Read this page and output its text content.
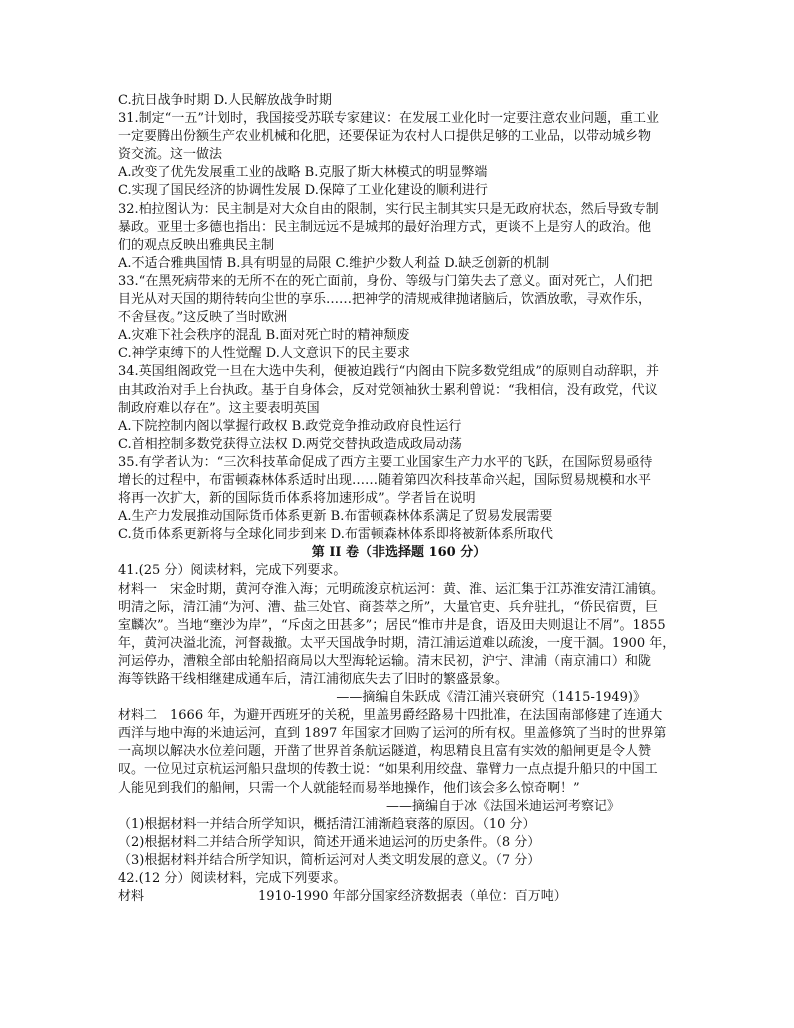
C.抗日战争时期 D.人民解放战争时期
31.制定“一五”计划时，我国接受苏联专家建议：在发展工业化时一定要注意农业问题，重工业
一定要腾出份额生产农业机械和化肥，还要保证为农村人口提供足够的工业品，以带动城乡物
资交流。这一做法
A.改变了优先发展重工业的战略 B.克服了斯大林模式的明显弊端
C.实现了国民经济的协调性发展 D.保障了工业化建设的顺利进行
32.柏拉图认为：民主制是对大众自由的限制，实行民主制其实只是无政府状态，然后导致专制
暴政。亚里士多德也指出：民主制远远不是城邦的最好治理方式，更谈不上是穷人的政治。他
们的观点反映出雅典民主制
A.不适合雅典国情 B.具有明显的局限 C.维护少数人利益 D.缺乏创新的机制
33.“在黑死病带来的无所不在的死亡面前，身份、等级与门第失去了意义。面对死亡，人们把
目光从对天国的期待转向尘世的享乐……把神学的清规戒律抛诸脑后，饮酒放歌，寻欢作乐，
不舍昼夜。”这反映了当时欧洲
A.灾难下社会秩序的混乱 B.面对死亡时的精神颓废
C.神学束缚下的人性觉醒 D.人文意识下的民主要求
34.英国组阁政党一旦在大选中失利，便被迫践行“内阁由下院多数党组成”的原则自动辞职，并
由其政治对手上台执政。基于自身体会，反对党领袖狄士累利曾说：“我相信，没有政党，代议
制政府难以存在”。这主要表明英国
A.下院控制内阁以掌握行政权 B.政党竞争推动政府良性运行
C.首相控制多数党获得立法权 D.两党交替执政造成政局动荡
35.有学者认为：“三次科技革命促成了西方主要工业国家生产力水平的飞跃，在国际贸易亟待
增长的过程中，布雷顿森林体系适时出现……随着第四次科技革命兴起，国际贸易规模和水平
将再一次扩大，新的国际货币体系将加速形成”。学者旨在说明
A.生产力发展推动国际货币体系更新 B.布雷顿森林体系满足了贸易发展需要
C.货币体系更新将与全球化同步到来 D.布雷顿森林体系即将被新体系所取代
第 II 卷（非选择题 160 分）
41.(25 分）阅读材料，完成下列要求。
材料一　宋金时期，黄河夺淮入海；元明疏浚京杭运河：黄、淮、运汇集于江苏淮安清江浦镇。
明清之际，清江浦“为河、漕、盐三处官、商荟萃之所”，大量官吏、兵弁驻扎，“侨民宿贾，巨
室麟次”。当地“壅沙为岸”，“斥卤之田甚多”；居民“惟市井是食，语及田夫则退让不屑”。1855
年，黄河决溢北流，河督裁撤。太平天国战争时期，清江浦运道难以疏浚，一度干涸。1900 年，
河运停办，漕粮全部由轮船招商局以大型海轮运输。清末民初，沪宁、津浦（南京浦口）和陇
海等铁路干线相继建成通车后，清江浦彻底失去了旧时的繁盛景象。
——摘编自朱跃成《清江浦兴衰研究（1415-1949)》
材料二　1666 年，为避开西班牙的关税，里盖男爵经路易十四批准，在法国南部修建了连通大
西洋与地中海的米迪运河，直到 1897 年国家才回购了运河的所有权。里盖修筑了当时的世界第
一高坝以解决水位差问题，开凿了世界首条航运隧道，构思精良且富有实效的船闸更是令人赞
叹。一位见过京杭运河船只盘坝的传教士说：“如果利用绞盘、靠臂力一点点提升船只的中国工
人能见到我们的船闸，只需一个人就能轻而易举地操作，他们该会多么惊奇啊！”
——摘编自于冰《法国米迪运河考察记》
（1)根据材料一并结合所学知识，概括清江浦渐趋衰落的原因。（10 分）
（2)根据材料二并结合所学知识，简述开通米迪运河的历史条件。（8 分）
（3)根据材料并结合所学知识，简析运河对人类文明发展的意义。（7 分）
42.(12 分）阅读材料，完成下列要求。
材料	1910-1990 年部分国家经济数据表（单位：百万吨）
